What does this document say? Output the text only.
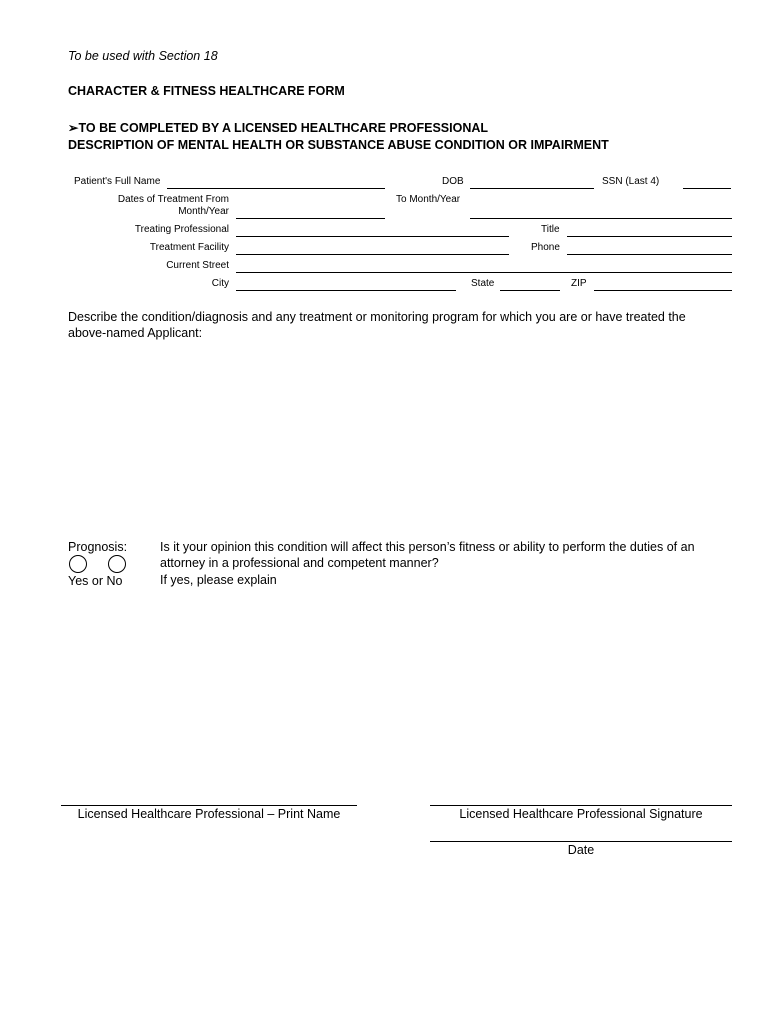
To be used with Section 18
CHARACTER & FITNESS HEALTHCARE FORM
➢TO BE COMPLETED BY A LICENSED HEALTHCARE PROFESSIONAL
DESCRIPTION OF MENTAL HEALTH OR SUBSTANCE ABUSE CONDITION OR IMPAIRMENT
Patient's Full Name	DOB	SSN (Last 4)
Dates of Treatment From
Month/Year
To Month/Year
Treating Professional	Title
Treatment Facility	Phone
Current Street
City	State	ZIP
Describe the condition/diagnosis and any treatment or monitoring program for which you are or have treated the
above-named Applicant:
Prognosis:
Yes or No
Is it your opinion this condition will affect this person’s fitness or ability to perform the duties of an
attorney in a professional and competent manner?
If yes, please explain
Licensed Healthcare Professional – Print Name	Licensed Healthcare Professional Signature
Date
